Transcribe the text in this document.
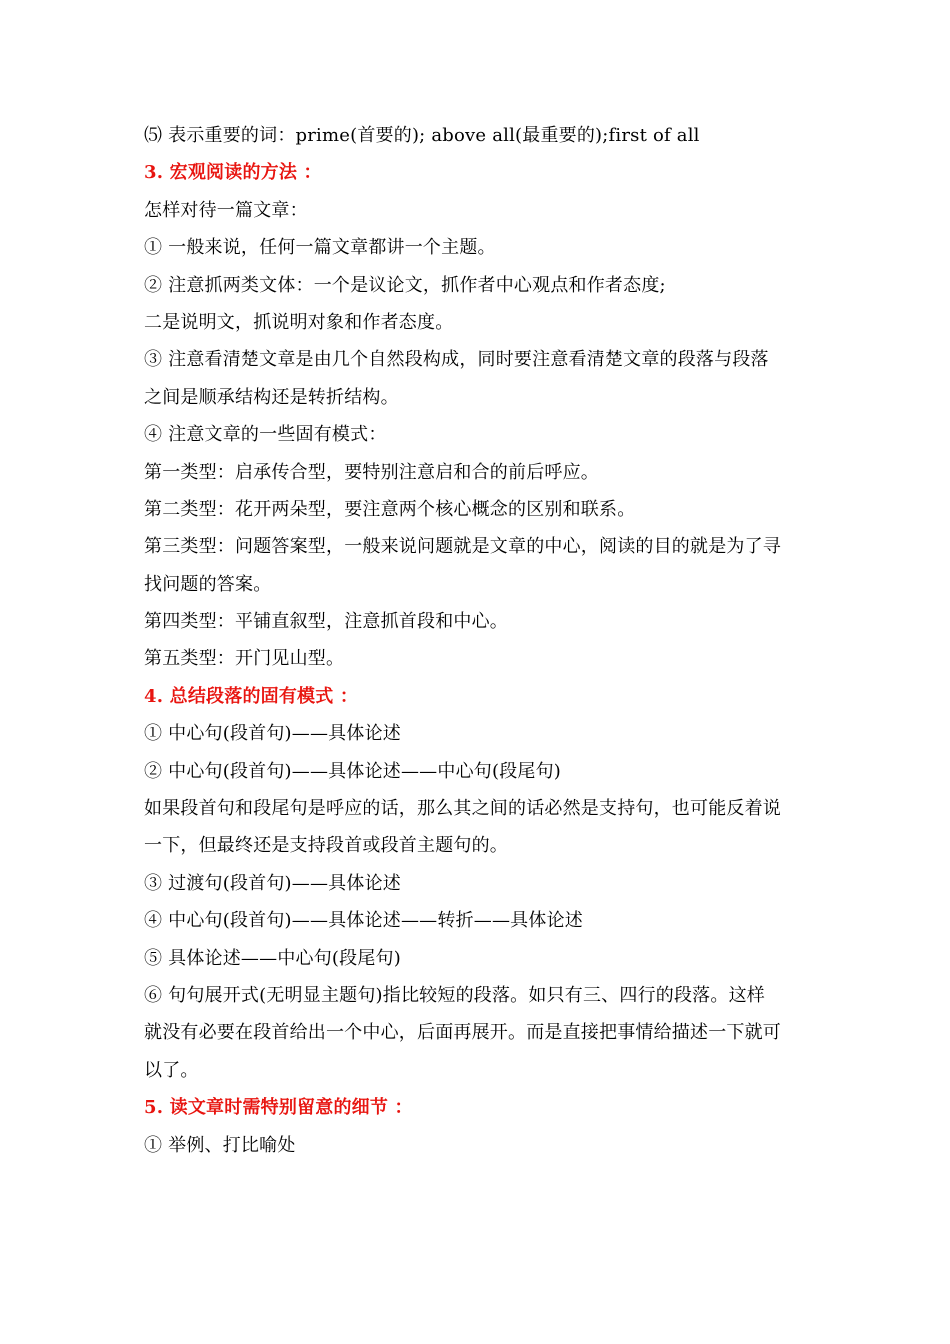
⑸ 表示重要的词：prime(首要的); above all(最重要的);first of all
3. 宏观阅读的方法 ：
怎样对待一篇文章：
① 一般来说，任何一篇文章都讲一个主题。
② 注意抓两类文体：一个是议论文，抓作者中心观点和作者态度;
二是说明文，抓说明对象和作者态度。
③ 注意看清楚文章是由几个自然段构成，同时要注意看清楚文章的段落与段落
之间是顺承结构还是转折结构。
④ 注意文章的一些固有模式：
第一类型：启承传合型，要特别注意启和合的前后呼应。
第二类型：花开两朵型，要注意两个核心概念的区别和联系。
第三类型：问题答案型，一般来说问题就是文章的中心，阅读的目的就是为了寻
找问题的答案。
第四类型：平铺直叙型，注意抓首段和中心。
第五类型：开门见山型。
4. 总结段落的固有模式 ：
① 中心句(段首句)——具体论述
② 中心句(段首句)——具体论述——中心句(段尾句)
如果段首句和段尾句是呼应的话，那么其之间的话必然是支持句，也可能反着说
一下，但最终还是支持段首或段首主题句的。
③ 过渡句(段首句)——具体论述
④ 中心句(段首句)——具体论述——转折——具体论述
⑤ 具体论述——中心句(段尾句)
⑥ 句句展开式(无明显主题句)指比较短的段落。如只有三、四行的段落。这样
就没有必要在段首给出一个中心，后面再展开。而是直接把事情给描述一下就可
以了。
5. 读文章时需特别留意的细节 ：
① 举例、打比喻处
